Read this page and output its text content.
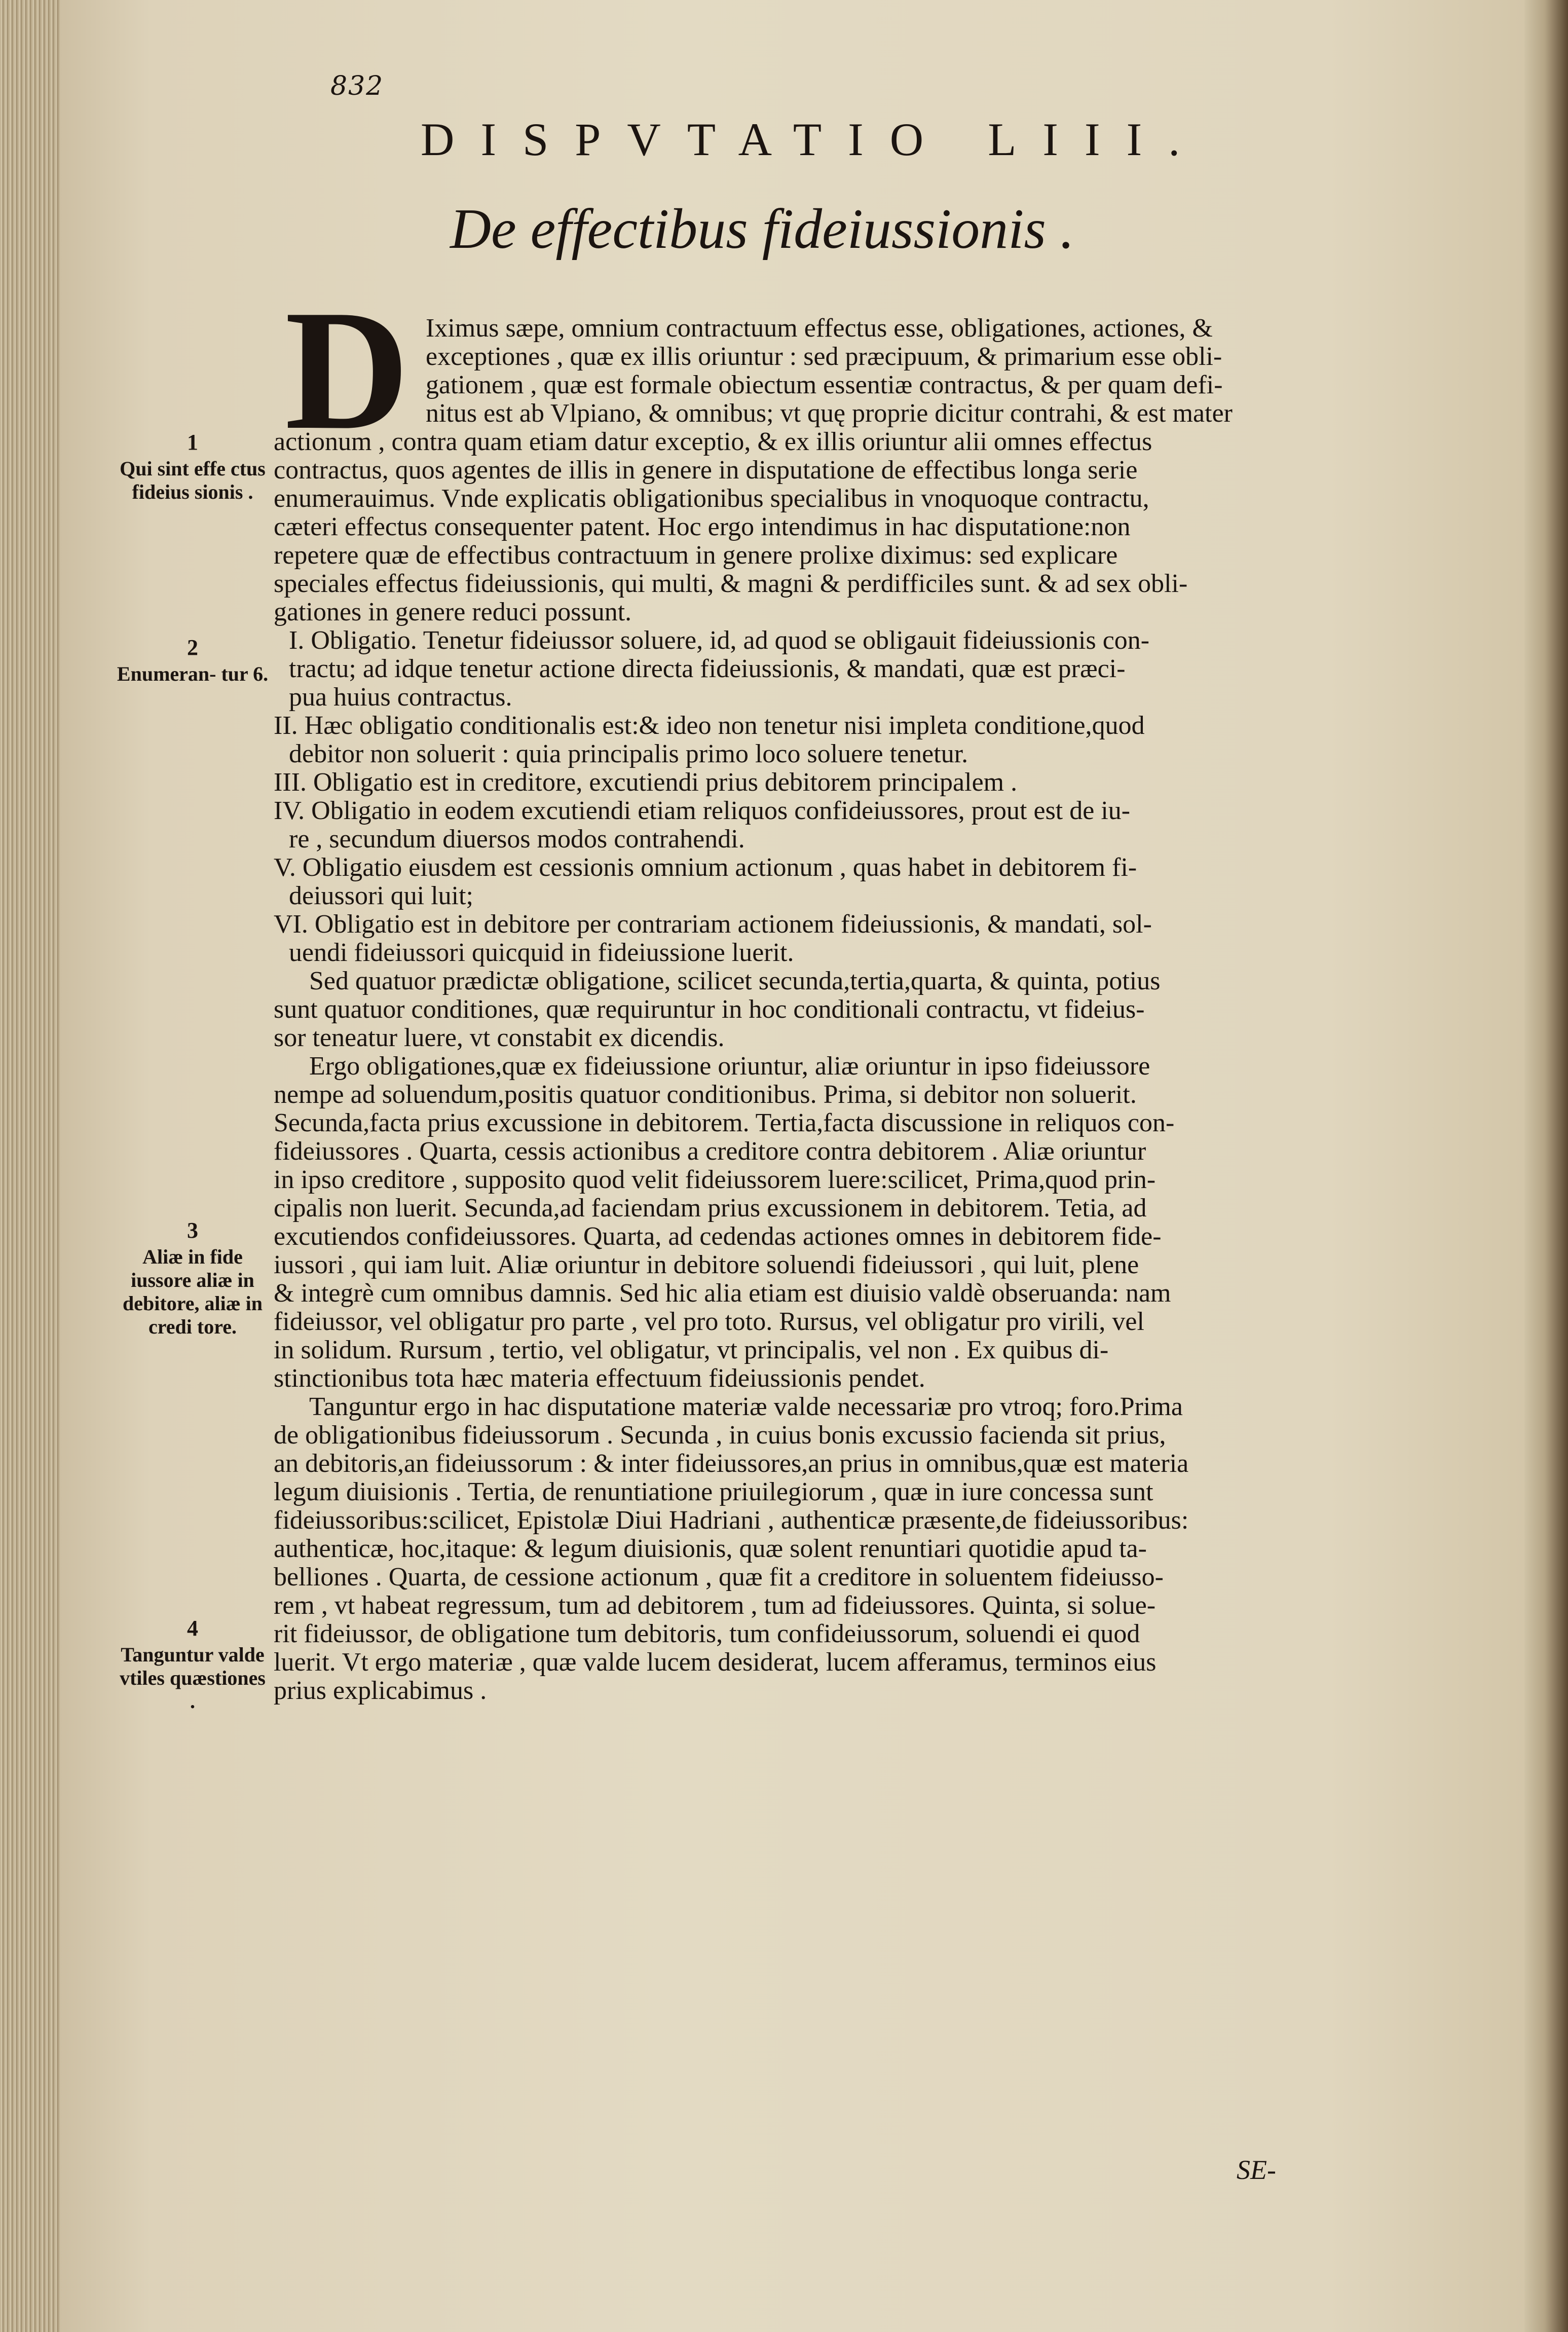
832
DISPVTATIO LIII.
De effectibus fideiussionis .
D Iximus sæpe, omnium contractuum effectus esse, obligationes, actiones, &
exceptiones , quæ ex illis oriuntur : sed præcipuum, & primarium esse obli-
gationem , quæ est formale obiectum essentiæ contractus, & per quam defi-
nitus est ab Vlpiano, & omnibus; vt quę proprie dicitur contrahi, & est mater
actionum , contra quam etiam datur exceptio, & ex illis oriuntur alii omnes effectus
contractus, quos agentes de illis in genere in disputatione de effectibus longa serie
enumerauimus. Vnde explicatis obligationibus specialibus in vnoquoque contractu,
cæteri effectus consequenter patent. Hoc ergo intendimus in hac disputatione:non
repetere quæ de effectibus contractuum in genere prolixe diximus: sed explicare
speciales effectus fideiussionis, qui multi, & magni & perdifficiles sunt. & ad sex obli-
gationes in genere reduci possunt.
I. Obligatio. Tenetur fideiussor soluere, id, ad quod se obligauit fideiussionis con-
tractu; ad idque tenetur actione directa fideiussionis, & mandati, quæ est præci-
pua huius contractus.
II. Hæc obligatio conditionalis est:& ideo non tenetur nisi impleta conditione,quod
debitor non soluerit : quia principalis primo loco soluere tenetur.
III. Obligatio est in creditore, excutiendi prius debitorem principalem .
IV. Obligatio in eodem excutiendi etiam reliquos confideiussores, prout est de iu-
re , secundum diuersos modos contrahendi.
V. Obligatio eiusdem est cessionis omnium actionum , quas habet in debitorem fi-
deiussori qui luit;
VI. Obligatio est in debitore per contrariam actionem fideiussionis, & mandati, sol-
uendi fideiussori quicquid in fideiussione luerit.
Sed quatuor prædictæ obligatione, scilicet secunda,tertia,quarta, & quinta, potius
sunt quatuor conditiones, quæ requiruntur in hoc conditionali contractu, vt fideius-
sor teneatur luere, vt constabit ex dicendis.
Ergo obligationes,quæ ex fideiussione oriuntur, aliæ oriuntur in ipso fideiussore
nempe ad soluendum,positis quatuor conditionibus. Prima, si debitor non soluerit.
Secunda,facta prius excussione in debitorem. Tertia,facta discussione in reliquos con-
fideiussores . Quarta, cessis actionibus a creditore contra debitorem . Aliæ oriuntur
in ipso creditore , supposito quod velit fideiussorem luere:scilicet, Prima,quod prin-
cipalis non luerit. Secunda,ad faciendam prius excussionem in debitorem. Tetia, ad
excutiendos confideiussores. Quarta, ad cedendas actiones omnes in debitorem fide-
iussori , qui iam luit. Aliæ oriuntur in debitore soluendi fideiussori , qui luit, plene
& integrè cum omnibus damnis. Sed hic alia etiam est diuisio valdè obseruanda: nam
fideiussor, vel obligatur pro parte , vel pro toto. Rursus, vel obligatur pro virili, vel
in solidum. Rursum , tertio, vel obligatur, vt principalis, vel non . Ex quibus di-
stinctionibus tota hæc materia effectuum fideiussionis pendet.
Tanguntur ergo in hac disputatione materiæ valde necessariæ pro vtroq; foro.Prima
de obligationibus fideiussorum . Secunda , in cuius bonis excussio facienda sit prius,
an debitoris,an fideiussorum : & inter fideiussores,an prius in omnibus,quæ est materia
legum diuisionis . Tertia, de renuntiatione priuilegiorum , quæ in iure concessa sunt
fideiussoribus:scilicet, Epistolæ Diui Hadriani , authenticæ præsente,de fideiussoribus:
authenticæ, hoc,itaque: & legum diuisionis, quæ solent renuntiari quotidie apud ta-
belliones . Quarta, de cessione actionum , quæ fit a creditore in soluentem fideiusso-
rem , vt habeat regressum, tum ad debitorem , tum ad fideiussores. Quinta, si solue-
rit fideiussor, de obligatione tum debitoris, tum confideiussorum, soluendi ei quod
luerit. Vt ergo materiæ , quæ valde lucem desiderat, lucem afferamus, terminos eius
prius explicabimus .
1
Qui sint effe ctus fideius sionis .
2
Enumeran- tur 6.
3
Aliæ in fide iussore aliæ in debitore, aliæ in credi tore.
4
Tanguntur valde vtiles quæstiones .
SE-
